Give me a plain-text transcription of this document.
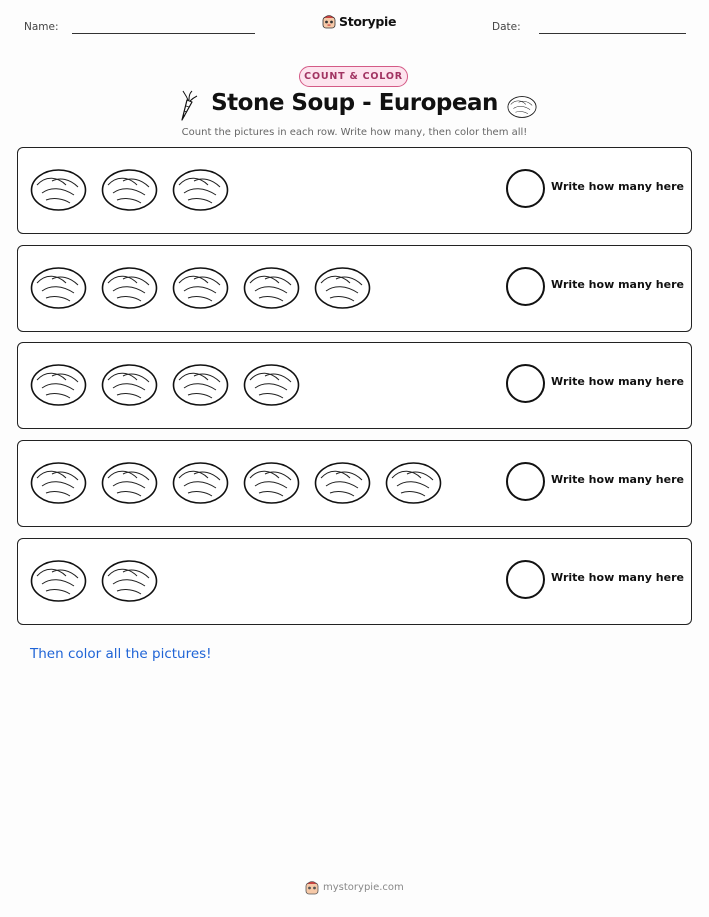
Name:	Storypie	Date:
COUNT & COLOR
Stone Soup - European
Count the pictures in each row. Write how many, then color them all!
Write how many here
Write how many here
Write how many here
Write how many here
Write how many here
Then color all the pictures!
mystorypie.com
